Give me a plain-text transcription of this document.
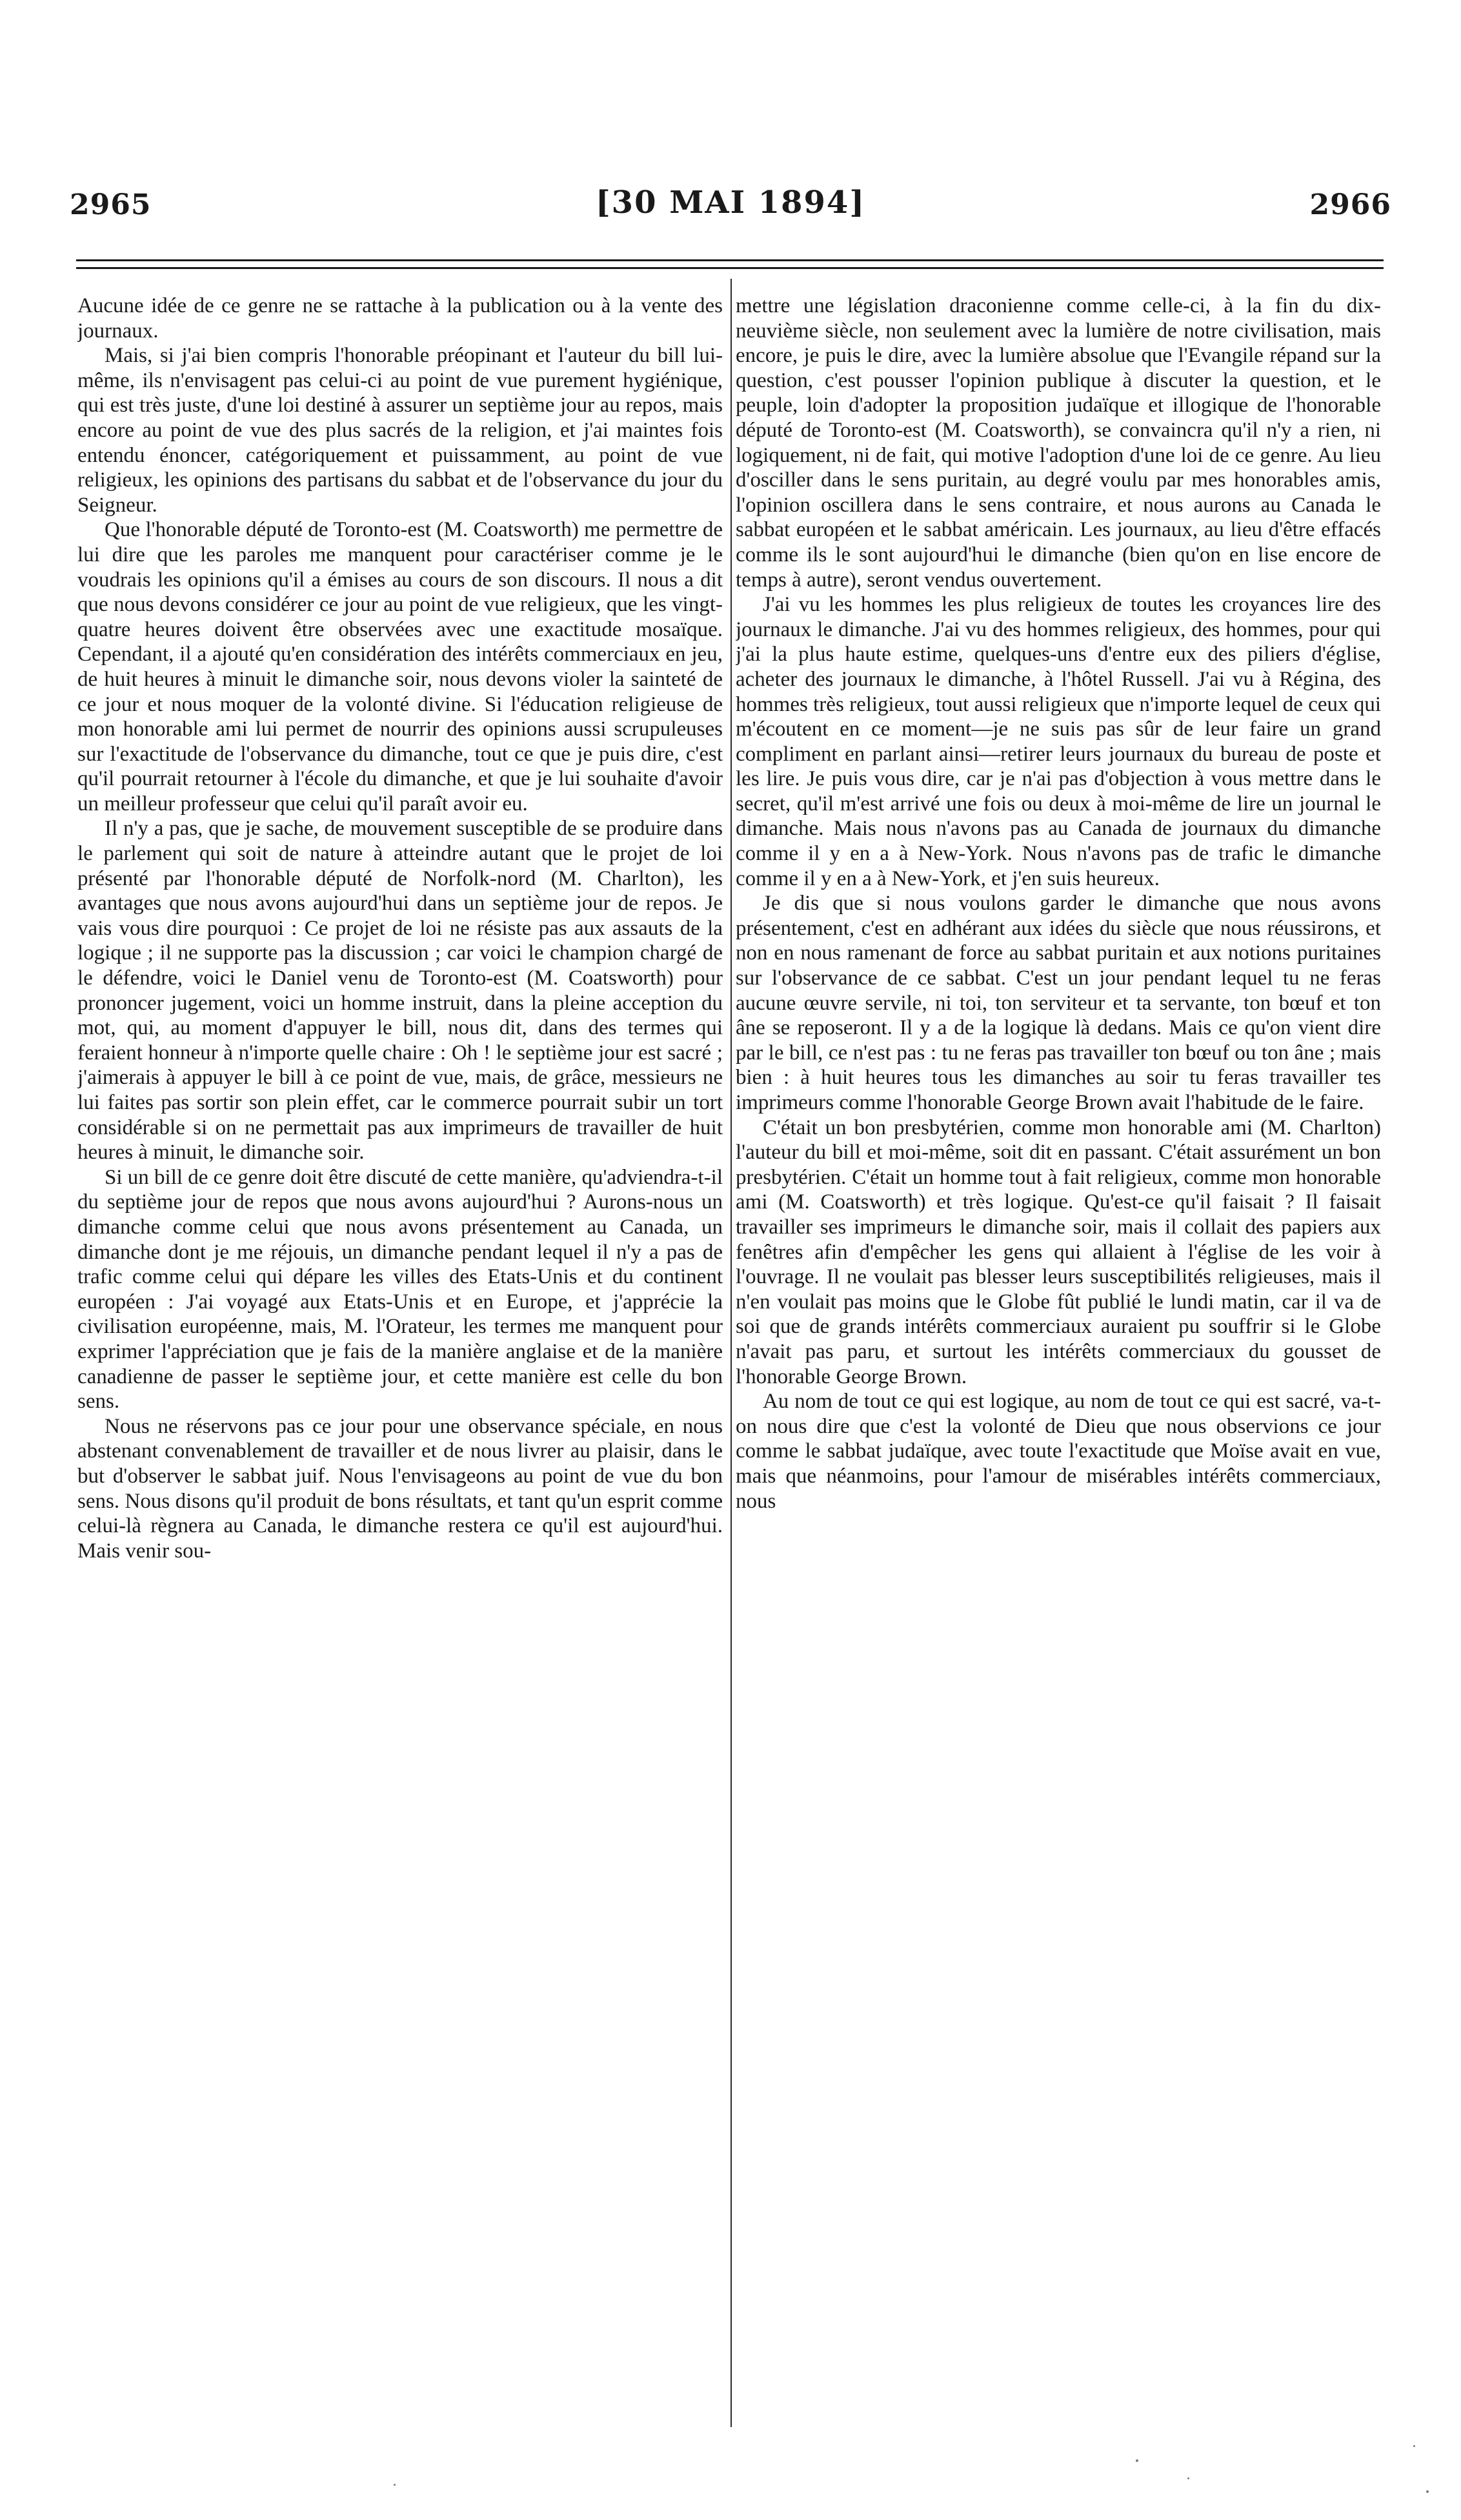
2965	[30 MAI 1894]	2966

Aucune idée de ce genre ne se rattache à la publication ou à la vente des journaux.

Mais, si j'ai bien compris l'honorable préopinant et l'auteur du bill lui-même, ils n'envisagent pas celui-ci au point de vue purement hygiénique, qui est très juste, d'une loi destiné à assurer un septième jour au repos, mais encore au point de vue des plus sacrés de la religion, et j'ai maintes fois entendu énoncer, catégoriquement et puissamment, au point de vue religieux, les opinions des partisans du sabbat et de l'observance du jour du Seigneur.

Que l'honorable député de Toronto-est (M. Coatsworth) me permettre de lui dire que les paroles me manquent pour caractériser comme je le voudrais les opinions qu'il a émises au cours de son discours. Il nous a dit que nous devons considérer ce jour au point de vue religieux, que les vingt-quatre heures doivent être observées avec une exactitude mosaïque. Cependant, il a ajouté qu'en considération des intérêts commerciaux en jeu, de huit heures à minuit le dimanche soir, nous devons violer la sainteté de ce jour et nous moquer de la volonté divine. Si l'éducation religieuse de mon honorable ami lui permet de nourrir des opinions aussi scrupuleuses sur l'exactitude de l'observance du dimanche, tout ce que je puis dire, c'est qu'il pourrait retourner à l'école du dimanche, et que je lui souhaite d'avoir un meilleur professeur que celui qu'il paraît avoir eu.

Il n'y a pas, que je sache, de mouvement susceptible de se produire dans le parlement qui soit de nature à atteindre autant que le projet de loi présenté par l'honorable député de Norfolk-nord (M. Charlton), les avantages que nous avons aujourd'hui dans un septième jour de repos. Je vais vous dire pourquoi : Ce projet de loi ne résiste pas aux assauts de la logique ; il ne supporte pas la discussion ; car voici le champion chargé de le défendre, voici le Daniel venu de Toronto-est (M. Coatsworth) pour prononcer jugement, voici un homme instruit, dans la pleine acception du mot, qui, au moment d'appuyer le bill, nous dit, dans des termes qui feraient honneur à n'importe quelle chaire : Oh ! le septième jour est sacré ; j'aimerais à appuyer le bill à ce point de vue, mais, de grâce, messieurs ne lui faites pas sortir son plein effet, car le commerce pourrait subir un tort considérable si on ne permettait pas aux imprimeurs de travailler de huit heures à minuit, le dimanche soir.

Si un bill de ce genre doit être discuté de cette manière, qu'adviendra-t-il du septième jour de repos que nous avons aujourd'hui ? Aurons-nous un dimanche comme celui que nous avons présentement au Canada, un dimanche dont je me réjouis, un dimanche pendant lequel il n'y a pas de trafic comme celui qui dépare les villes des Etats-Unis et du continent européen : J'ai voyagé aux Etats-Unis et en Europe, et j'apprécie la civilisation européenne, mais, M. l'Orateur, les termes me manquent pour exprimer l'appréciation que je fais de la manière anglaise et de la manière canadienne de passer le septième jour, et cette manière est celle du bon sens.

Nous ne réservons pas ce jour pour une observance spéciale, en nous abstenant convenablement de travailler et de nous livrer au plaisir, dans le but d'observer le sabbat juif. Nous l'envisageons au point de vue du bon sens. Nous disons qu'il produit de bons résultats, et tant qu'un esprit comme celui-là règnera au Canada, le dimanche restera ce qu'il est aujourd'hui. Mais venir sou-

mettre une législation draconienne comme celle-ci, à la fin du dix-neuvième siècle, non seulement avec la lumière de notre civilisation, mais encore, je puis le dire, avec la lumière absolue que l'Evangile répand sur la question, c'est pousser l'opinion publique à discuter la question, et le peuple, loin d'adopter la proposition judaïque et illogique de l'honorable député de Toronto-est (M. Coatsworth), se convaincra qu'il n'y a rien, ni logiquement, ni de fait, qui motive l'adoption d'une loi de ce genre. Au lieu d'osciller dans le sens puritain, au degré voulu par mes honorables amis, l'opinion oscillera dans le sens contraire, et nous aurons au Canada le sabbat européen et le sabbat américain. Les journaux, au lieu d'être effacés comme ils le sont aujourd'hui le dimanche (bien qu'on en lise encore de temps à autre), seront vendus ouvertement.

J'ai vu les hommes les plus religieux de toutes les croyances lire des journaux le dimanche. J'ai vu des hommes religieux, des hommes, pour qui j'ai la plus haute estime, quelques-uns d'entre eux des piliers d'église, acheter des journaux le dimanche, à l'hôtel Russell. J'ai vu à Régina, des hommes très religieux, tout aussi religieux que n'importe lequel de ceux qui m'écoutent en ce moment—je ne suis pas sûr de leur faire un grand compliment en parlant ainsi—retirer leurs journaux du bureau de poste et les lire. Je puis vous dire, car je n'ai pas d'objection à vous mettre dans le secret, qu'il m'est arrivé une fois ou deux à moi-même de lire un journal le dimanche. Mais nous n'avons pas au Canada de journaux du dimanche comme il y en a à New-York. Nous n'avons pas de trafic le dimanche comme il y en a à New-York, et j'en suis heureux.

Je dis que si nous voulons garder le dimanche que nous avons présentement, c'est en adhérant aux idées du siècle que nous réussirons, et non en nous ramenant de force au sabbat puritain et aux notions puritaines sur l'observance de ce sabbat. C'est un jour pendant lequel tu ne feras aucune œuvre servile, ni toi, ton serviteur et ta servante, ton bœuf et ton âne se reposeront. Il y a de la logique là dedans. Mais ce qu'on vient dire par le bill, ce n'est pas : tu ne feras pas travailler ton bœuf ou ton âne ; mais bien : à huit heures tous les dimanches au soir tu feras travailler tes imprimeurs comme l'honorable George Brown avait l'habitude de le faire.

C'était un bon presbytérien, comme mon honorable ami (M. Charlton) l'auteur du bill et moi-même, soit dit en passant. C'était assurément un bon presbytérien. C'était un homme tout à fait religieux, comme mon honorable ami (M. Coatsworth) et très logique. Qu'est-ce qu'il faisait ? Il faisait travailler ses imprimeurs le dimanche soir, mais il collait des papiers aux fenêtres afin d'empêcher les gens qui allaient à l'église de les voir à l'ouvrage. Il ne voulait pas blesser leurs susceptibilités religieuses, mais il n'en voulait pas moins que le Globe fût publié le lundi matin, car il va de soi que de grands intérêts commerciaux auraient pu souffrir si le Globe n'avait pas paru, et surtout les intérêts commerciaux du gousset de l'honorable George Brown.

Au nom de tout ce qui est logique, au nom de tout ce qui est sacré, va-t-on nous dire que c'est la volonté de Dieu que nous observions ce jour comme le sabbat judaïque, avec toute l'exactitude que Moïse avait en vue, mais que néanmoins, pour l'amour de misérables intérêts commerciaux, nous
